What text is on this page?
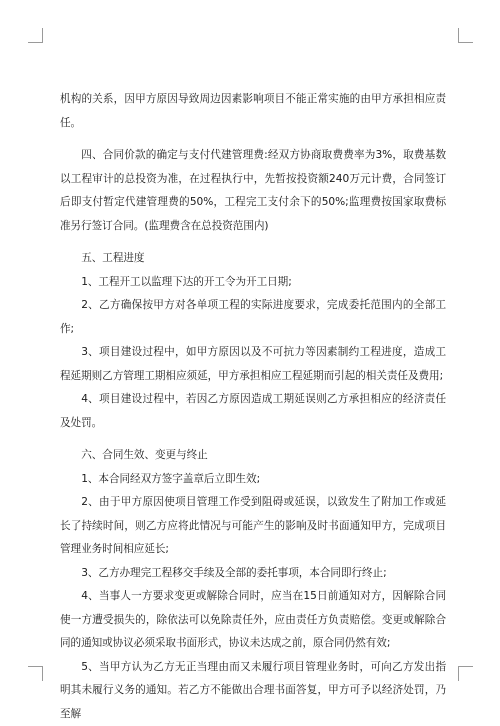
机构的关系，因甲方原因导致周边因素影响项目不能正常实施的由甲方承担相应责任。

四、合同价款的确定与支付代建管理费:经双方协商取费费率为3%，取费基数以工程审计的总投资为准，在过程执行中，先暂按投资额240万元计费，合同签订后即支付暂定代建管理费的50%，工程完工支付余下的50%;监理费按国家取费标准另行签订合同。(监理费含在总投资范围内)

五、工程进度

1、工程开工以监理下达的开工令为开工日期;

2、乙方确保按甲方对各单项工程的实际进度要求，完成委托范围内的全部工作;

3、项目建设过程中，如甲方原因以及不可抗力等因素制约工程进度，造成工程延期则乙方管理工期相应须延，甲方承担相应工程延期而引起的相关责任及费用;

4、项目建设过程中，若因乙方原因造成工期延误则乙方承担相应的经济责任及处罚。

六、合同生效、变更与终止

1、本合同经双方签字盖章后立即生效;

2、由于甲方原因使项目管理工作受到阻碍或延误，以致发生了附加工作或延长了持续时间，则乙方应将此情况与可能产生的影响及时书面通知甲方，完成项目管理业务时间相应延长;

3、乙方办理完工程移交手续及全部的委托事项，本合同即行终止;

4、当事人一方要求变更或解除合同时，应当在15日前通知对方，因解除合同使一方遭受损失的，除依法可以免除责任外，应由责任方负责赔偿。变更或解除合同的通知或协议必须采取书面形式，协议未达成之前，原合同仍然有效;

5、当甲方认为乙方无正当理由而又未履行项目管理业务时，可向乙方发出指明其未履行义务的通知。若乙方不能做出合理书面答复，甲方可予以经济处罚，乃至解
